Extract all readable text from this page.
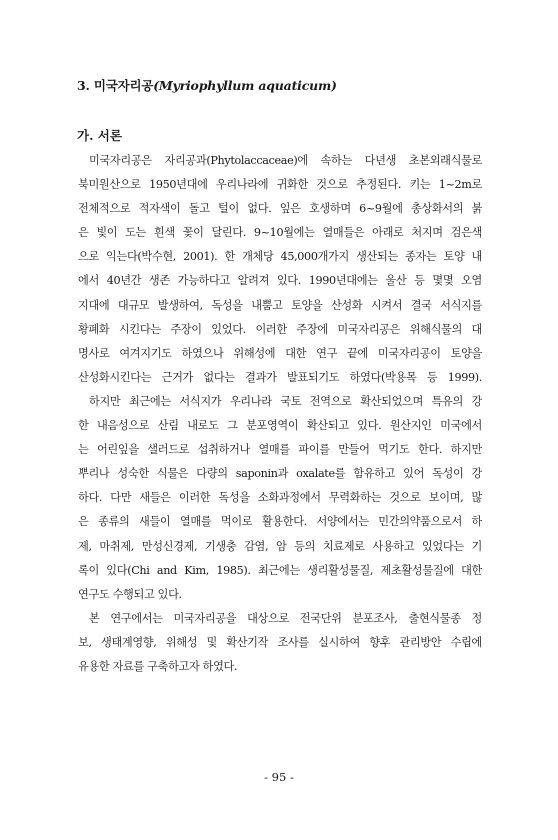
3. 미국자리공(Myriophyllum aquaticum)
가. 서론
미국자리공은 자리공과(Phytolaccaceae)에 속하는 다년생 초본외래식물로
북미원산으로 1950년대에 우리나라에 귀화한 것으로 추정된다. 키는 1~2m로
전체적으로 적자색이 돌고 털이 없다. 잎은 호생하며 6~9월에 총상화서의 붉
은 빛이 도는 흰색 꽃이 달린다. 9~10월에는 열매들은 아래로 처지며 검은색
으로 익는다(박수현, 2001). 한 개체당 45,000개가지 생산되는 종자는 토양 내
에서 40년간 생존 가능하다고 알려져 있다. 1990년대에는 울산 등 몇몇 오염
지대에 대규모 발생하여, 독성을 내뿜고 토양을 산성화 시켜서 결국 서식지를
황폐화 시킨다는 주장이 있었다. 이러한 주장에 미국자리공은 위해식물의 대
명사로 여겨지기도 하였으나 위해성에 대한 연구 끝에 미국자리공이 토양을
산성화시킨다는 근거가 없다는 결과가 발표되기도 하였다(박용목 등 1999).
하지만 최근에는 서식지가 우리나라 국토 전역으로 확산되었으며 특유의 강
한 내음성으로 산림 내로도 그 분포영역이 확산되고 있다. 원산지인 미국에서
는 어린잎을 샐러드로 섭취하거나 열매를 파이를 만들어 먹기도 한다. 하지만
뿌리나 성숙한 식물은 다량의 saponin과 oxalate를 함유하고 있어 독성이 강
하다. 다만 새들은 이러한 독성을 소화과정에서 무력화하는 것으로 보이며, 많
은 종류의 새들이 열매를 먹이로 활용한다. 서양에서는 민간의약품으로서 하
제, 마취제, 만성신경제, 기생충 감염, 암 등의 치료제로 사용하고 있었다는 기
록이 있다(Chi and Kim, 1985). 최근에는 생리활성물질, 제초활성물질에 대한
연구도 수행되고 있다.
본 연구에서는 미국자리공을 대상으로 전국단위 분포조사, 출현식물종 정
보, 생태계영향, 위해성 및 확산기작 조사를 실시하여 향후 관리방안 수립에
유용한 자료를 구축하고자 하였다.
- 95 -
